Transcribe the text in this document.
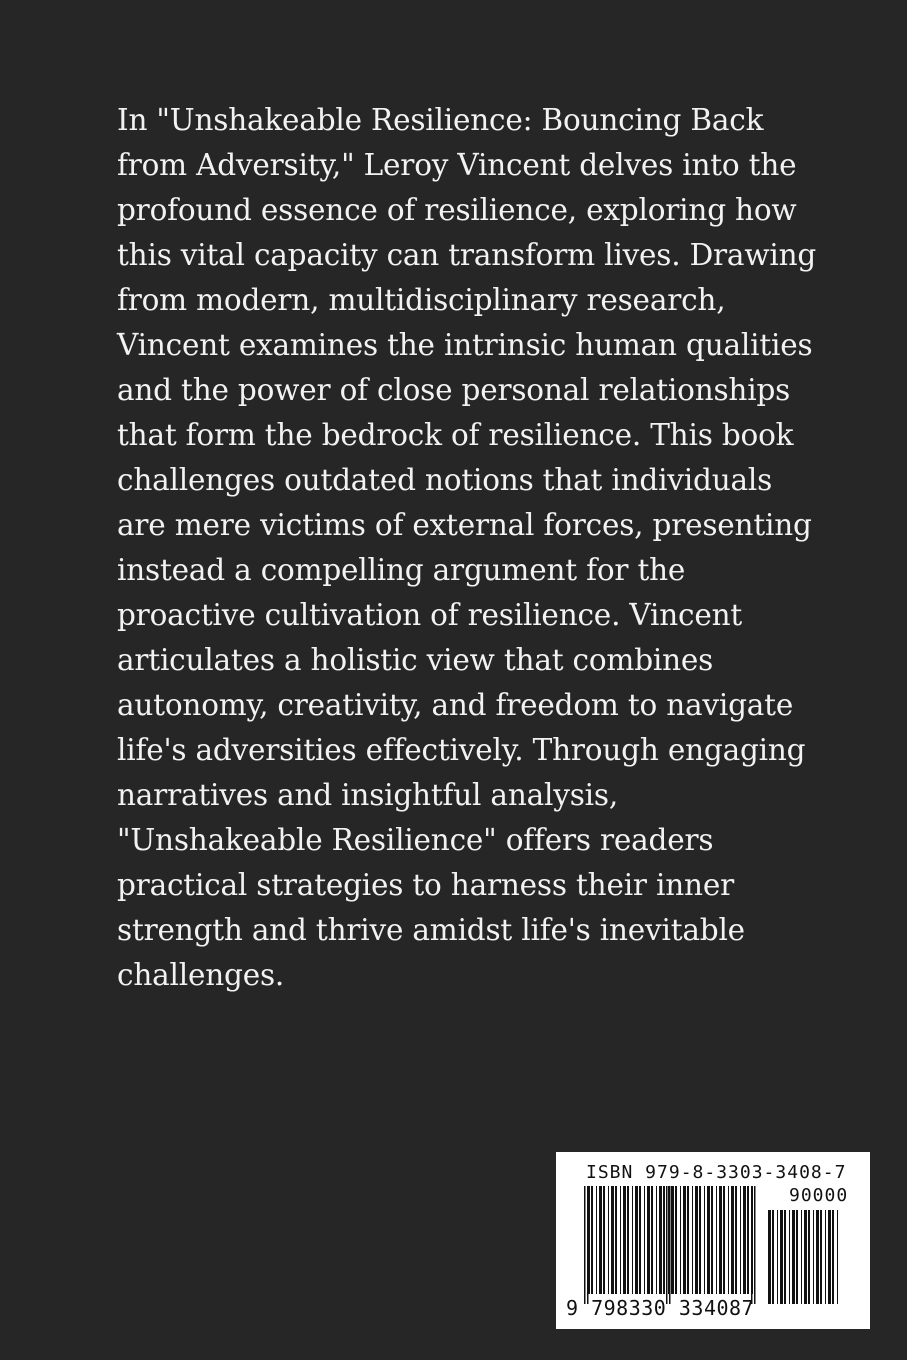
In "Unshakeable Resilience: Bouncing Back from Adversity," Leroy Vincent delves into the profound essence of resilience, exploring how this vital capacity can transform lives. Drawing from modern, multidisciplinary research, Vincent examines the intrinsic human qualities and the power of close personal relationships that form the bedrock of resilience. This book challenges outdated notions that individuals are mere victims of external forces, presenting instead a compelling argument for the proactive cultivation of resilience. Vincent articulates a holistic view that combines autonomy, creativity, and freedom to navigate life's adversities effectively. Through engaging narratives and insightful analysis, "Unshakeable Resilience" offers readers practical strategies to harness their inner strength and thrive amidst life's inevitable challenges.

ISBN 979-8-3303-3408-7
90000
9 798330 334087
